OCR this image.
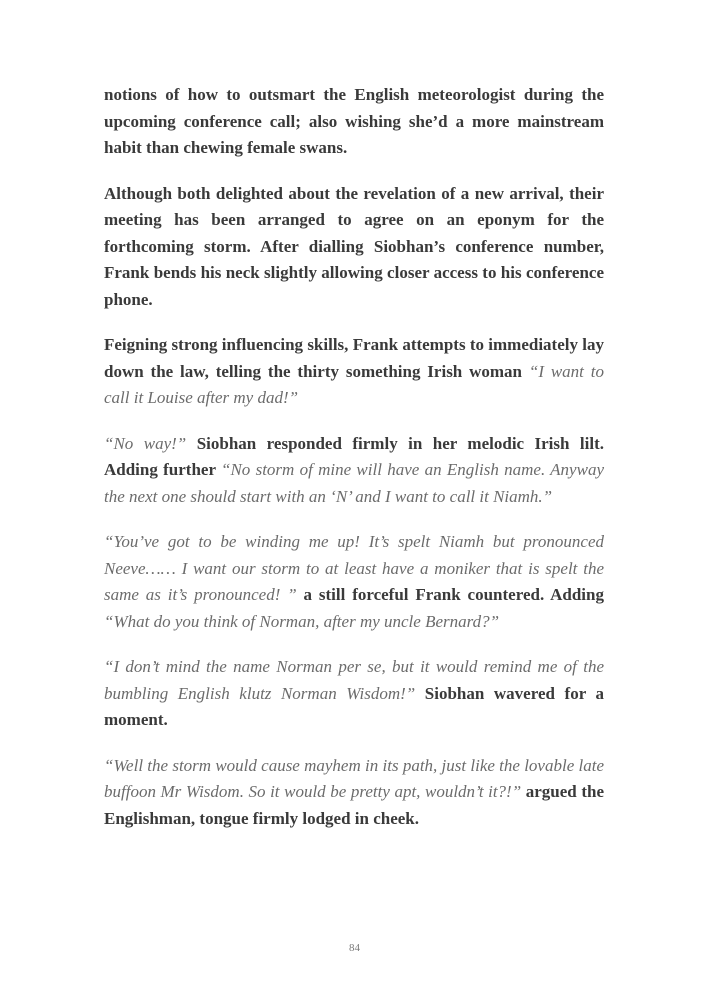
notions of how to outsmart the English meteorologist during the upcoming conference call; also wishing she’d a more mainstream habit than chewing female swans.

Although both delighted about the revelation of a new arrival, their meeting has been arranged to agree on an eponym for the forthcoming storm. After dialling Siobhan’s conference number, Frank bends his neck slightly allowing closer access to his conference phone.

Feigning strong influencing skills, Frank attempts to immediately lay down the law, telling the thirty something Irish woman “I want to call it Louise after my dad!”

“No way!” Siobhan responded firmly in her melodic Irish lilt. Adding further “No storm of mine will have an English name. Anyway the next one should start with an ‘N’ and I want to call it Niamh.”

“You’ve got to be winding me up! It’s spelt Niamh but pronounced Neeve…… I want our storm to at least have a moniker that is spelt the same as it’s pronounced! ” a still forceful Frank countered. Adding “What do you think of Norman, after my uncle Bernard?”

“I don’t mind the name Norman per se, but it would remind me of the bumbling English klutz Norman Wisdom!” Siobhan wavered for a moment.

“Well the storm would cause mayhem in its path, just like the lovable late buffoon Mr Wisdom. So it would be pretty apt, wouldn’t it?!” argued the Englishman, tongue firmly lodged in cheek.

84
